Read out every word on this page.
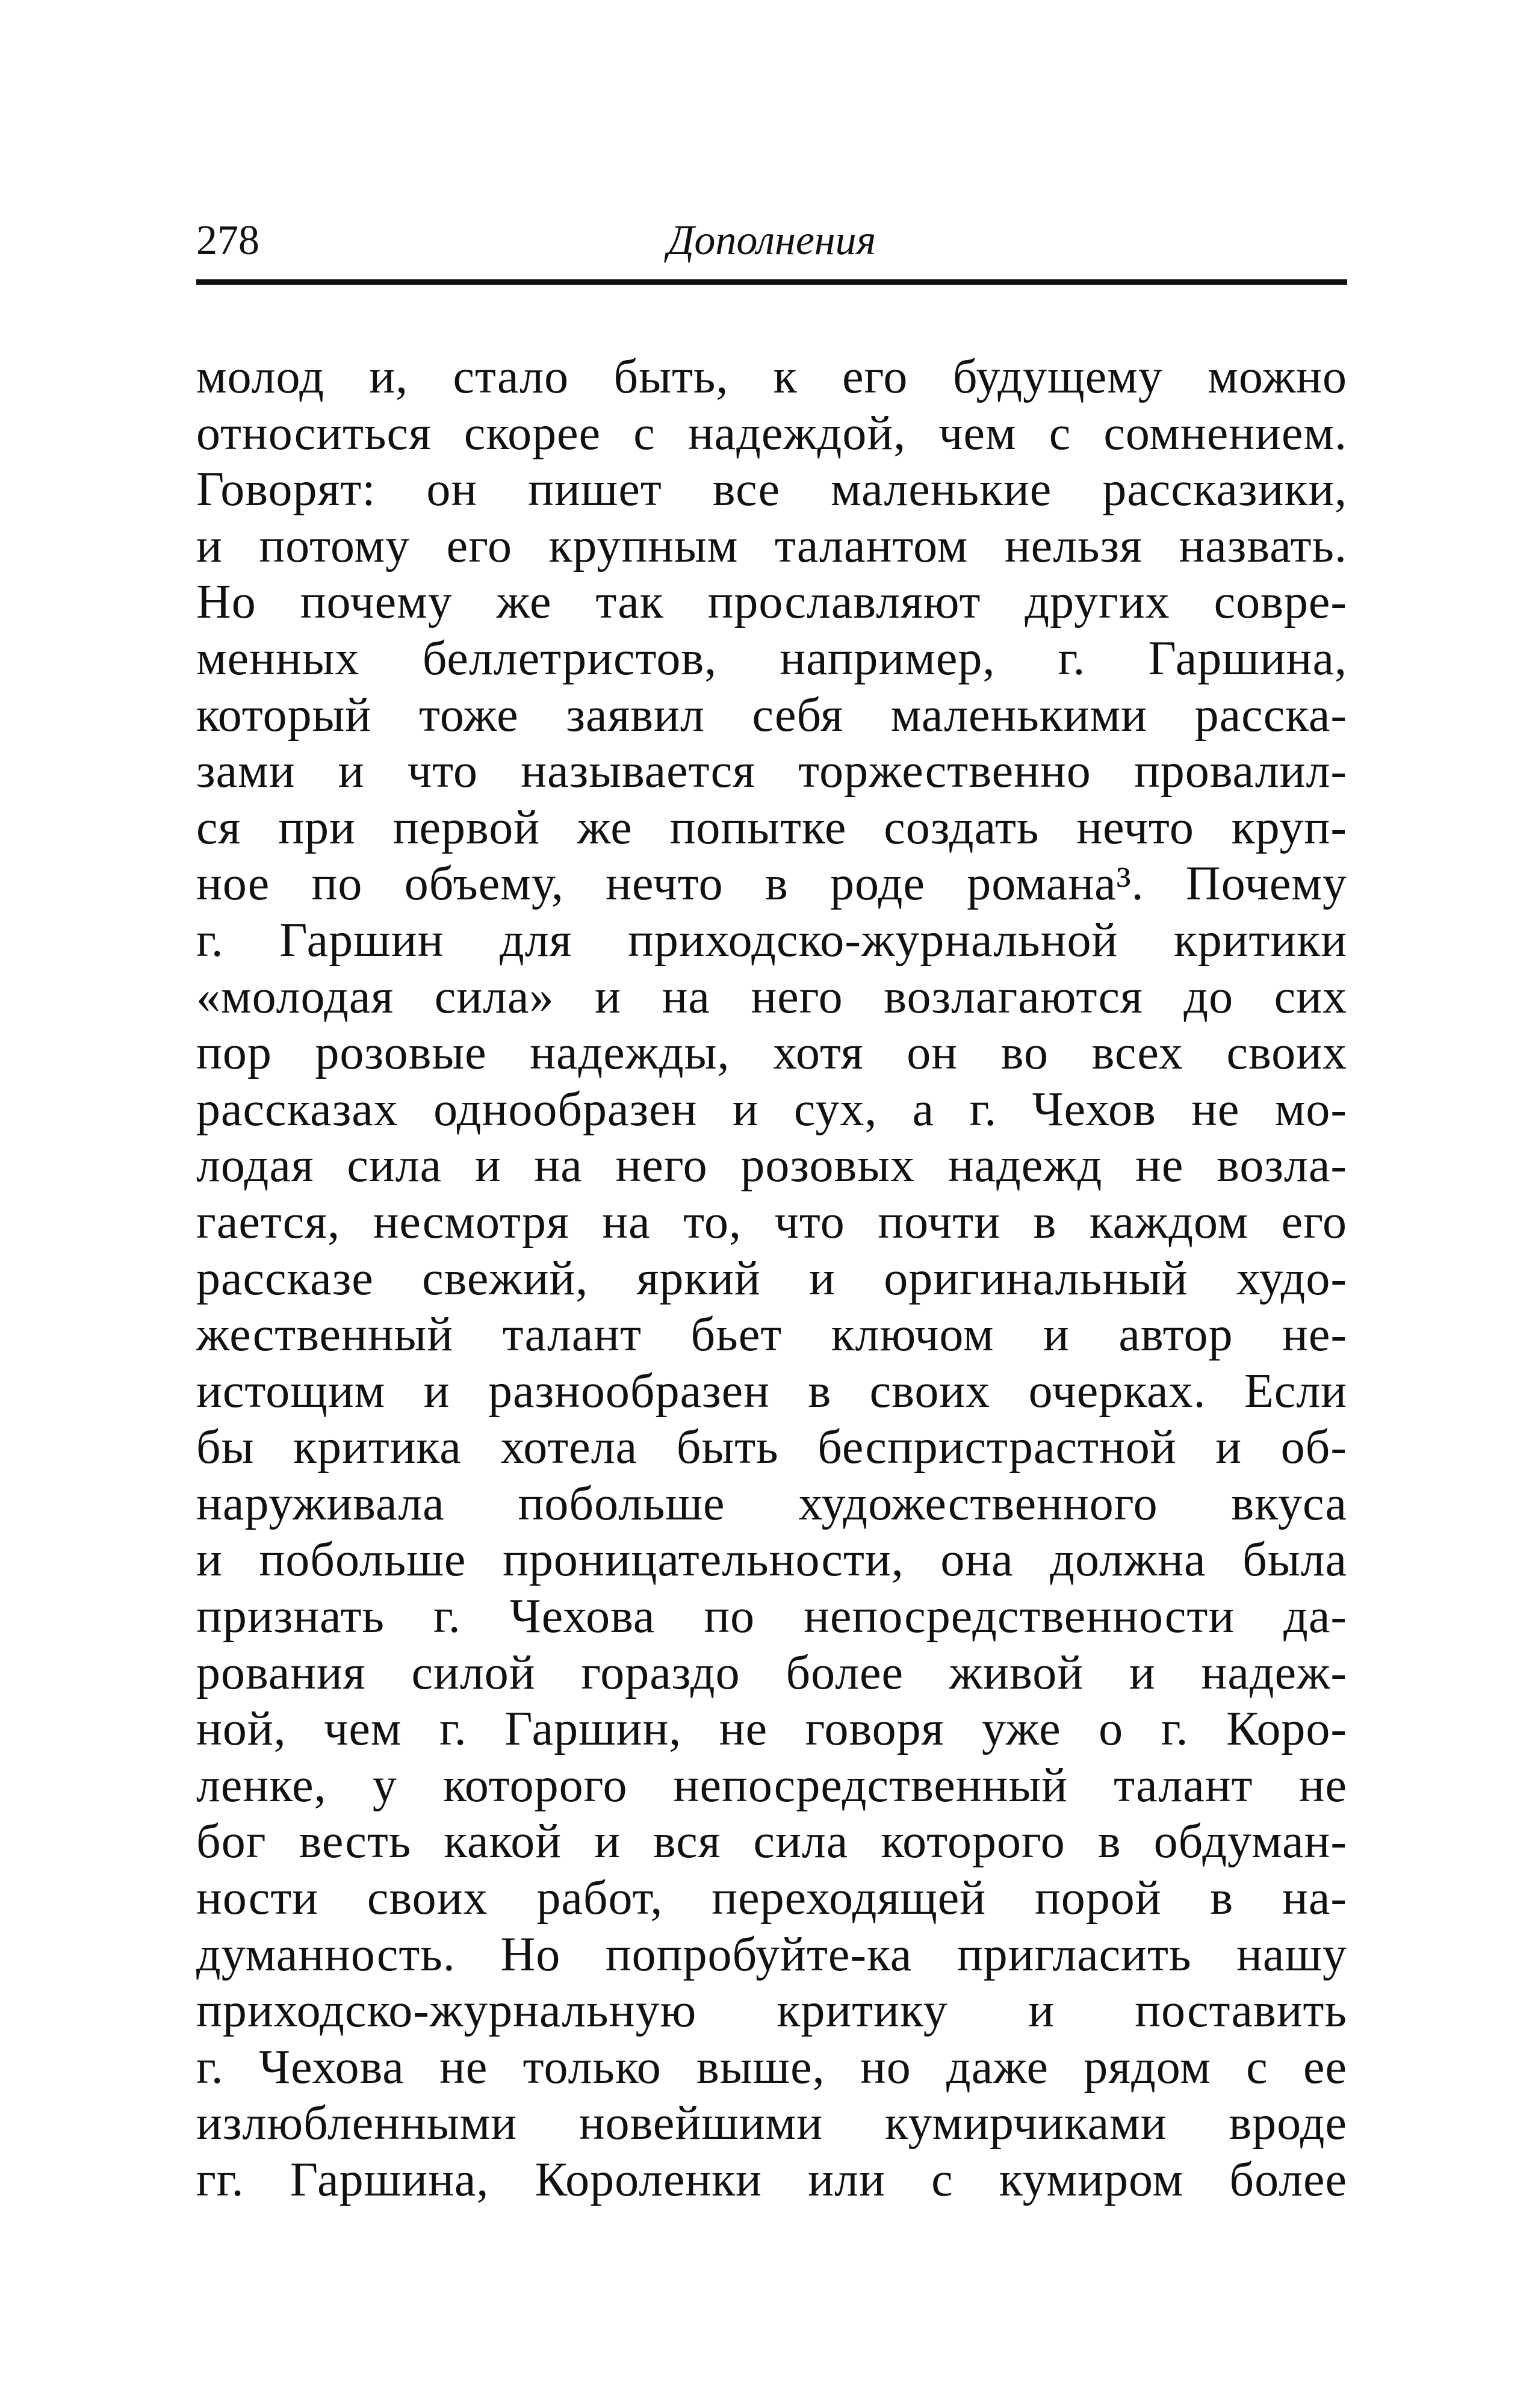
278	Дополнения
молод и, стало быть, к его будущему можно
относиться скорее с надеждой, чем с сомнением.
Говорят: он пишет все маленькие рассказики,
и потому его крупным талантом нельзя назвать.
Но почему же так прославляют других совре-
менных беллетристов, например, г. Гаршина,
который тоже заявил себя маленькими расска-
зами и что называется торжественно провалил-
ся при первой же попытке создать нечто круп-
ное по объему, нечто в роде романа³. Почему
г. Гаршин для приходско-журнальной критики
«молодая сила» и на него возлагаются до сих
пор розовые надежды, хотя он во всех своих
рассказах однообразен и сух, а г. Чехов не мо-
лодая сила и на него розовых надежд не возла-
гается, несмотря на то, что почти в каждом его
рассказе свежий, яркий и оригинальный худо-
жественный талант бьет ключом и автор не-
истощим и разнообразен в своих очерках. Если
бы критика хотела быть беспристрастной и об-
наруживала побольше художественного вкуса
и побольше проницательности, она должна была
признать г. Чехова по непосредственности да-
рования силой гораздо более живой и надеж-
ной, чем г. Гаршин, не говоря уже о г. Коро-
ленке, у которого непосредственный талант не
бог весть какой и вся сила которого в обдуман-
ности своих работ, переходящей порой в на-
думанность. Но попробуйте-ка пригласить нашу
приходско-журнальную критику и поставить
г. Чехова не только выше, но даже рядом с ее
излюбленными новейшими кумирчиками вроде
гг. Гаршина, Короленки или с кумиром более
